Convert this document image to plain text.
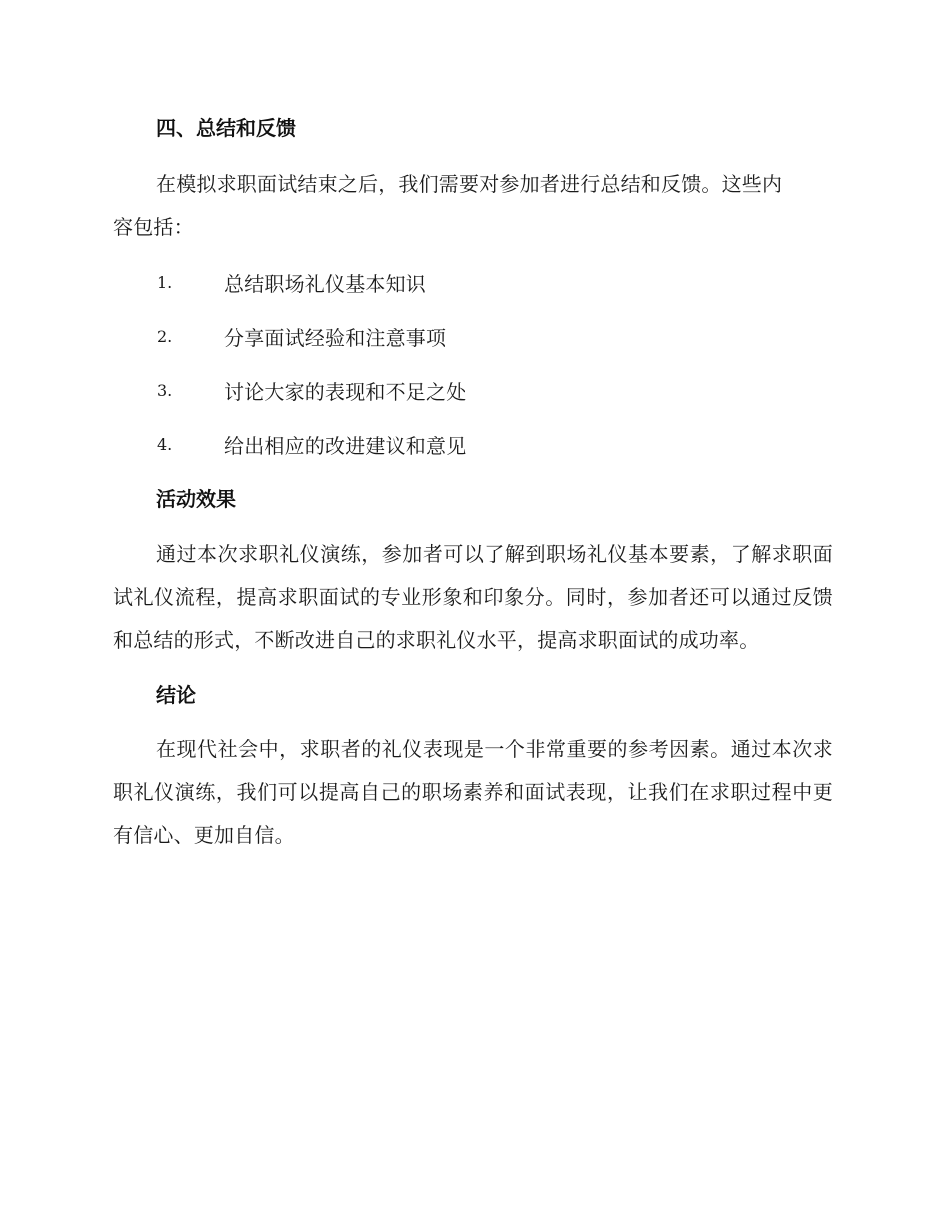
四、总结和反馈

在模拟求职面试结束之后，我们需要对参加者进行总结和反馈。这些内

容包括：

1.	总结职场礼仪基本知识
2.	分享面试经验和注意事项
3.	讨论大家的表现和不足之处
4.	给出相应的改进建议和意见
活动效果

通过本次求职礼仪演练，参加者可以了解到职场礼仪基本要素，了解求职面试礼仪流程，提高求职面试的专业形象和印象分。同时，参加者还可以通过反馈和总结的形式，不断改进自己的求职礼仪水平，提高求职面试的成功率。

结论

在现代社会中，求职者的礼仪表现是一个非常重要的参考因素。通过本次求职礼仪演练，我们可以提高自己的职场素养和面试表现，让我们在求职过程中更有信心、更加自信。
